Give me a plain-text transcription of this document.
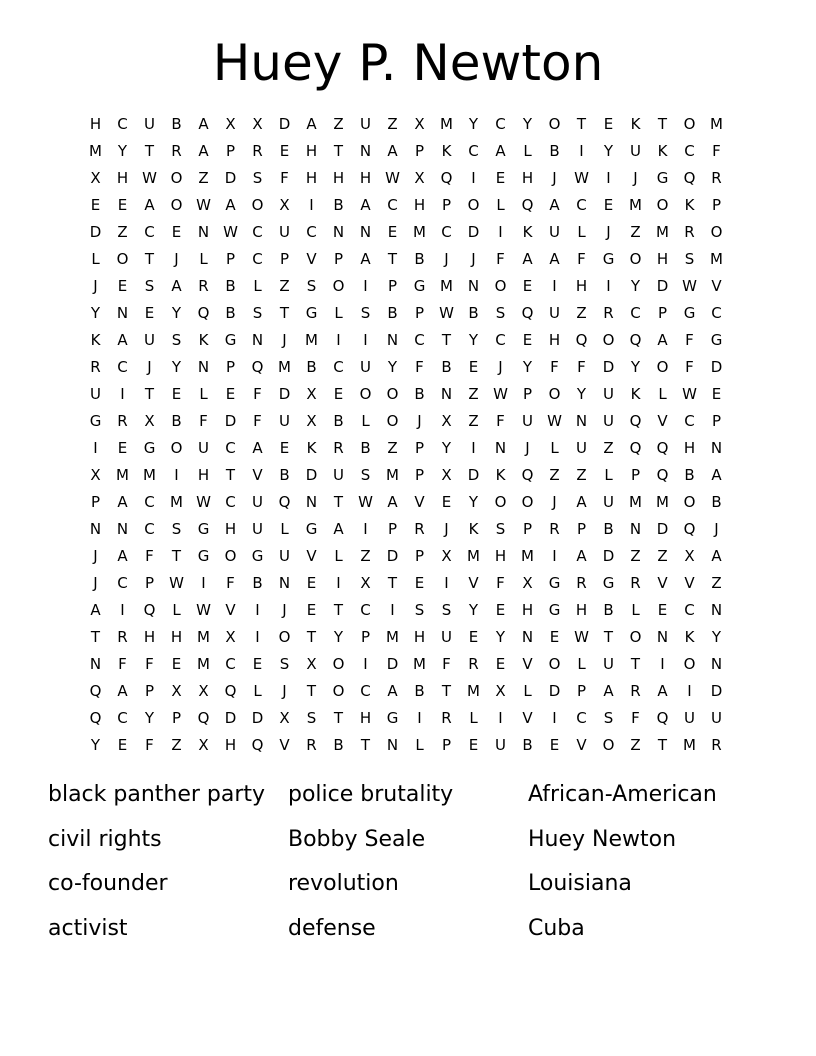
Huey P. Newton
H	C	U	B	A	X	X	D	A	Z	U	Z	X	M	Y	C	Y	O	T	E	K	T	O M
M	Y	T	R	A	P	R	E	H	T	N	A	P	K	C	A	L	B	I	Y	U	K	C	F
X	H W O	Z	D	S	F	H	H	H W X	Q	I	E	H	J	W	I	J	G	Q	R
E	E	A	O W A	O	X	I	B	A	C	H	P	O	L	Q	A	C	E	M O	K	P
D	Z	C	E	N W C	U	C	N	N	E	M	C	D	I	K	U	L	J	Z	M	R	O
L	O	T	J	L	P	C	P	V	P	A	T	B	J	J	F	A	A	F	G	O	H	S	M
J	E	S	A	R	B	L	Z	S	O	I	P	G M N	O	E	I	H	I	Y	D W V
Y	N	E	Y	Q	B	S	T	G	L	S	B	P	W B	S	Q	U	Z	R	C	P	G	C
K	A	U	S	K	G	N	J	M	I	I	N	C	T	Y	C	E	H	Q	O	Q	A	F	G
R	C	J	Y	N	P	Q M	B	C	U	Y	F	B	E	J	Y	F	F	D	Y	O	F	D
U	I	T	E	L	E	F	D	X	E	O	O	B	N	Z W	P	O	Y	U	K	L	W E
G	R	X	B	F	D	F	U	X	B	L	O	J	X	Z	F	U W N	U	Q	V	C	P
I	E	G	O	U	C	A	E	K	R	B	Z	P	Y	I	N	J	L	U	Z	Q	Q	H	N
X	M M	I	H	T	V	B	D	U	S	M	P	X	D	K	Q	Z	Z	L	P	Q	B	A
P	A	C	M W C	U	Q	N	T	W A	V	E	Y	O	O	J	A	U	M M O	B
N	N	C	S	G	H	U	L	G	A	I	P	R	J	K	S	P	R	P	B	N	D	Q	J
J	A	F	T	G	O	G	U	V	L	Z	D	P	X	M H M	I	A	D	Z	Z	X	A
J	C	P	W	I	F	B	N	E	I	X	T	E	I	V	F	X	G	R	G	R	V	V	Z
A	I	Q	L	W V	I	J	E	T	C	I	S	S	Y	E	H	G	H	B	L	E	C	N
T	R	H	H M	X	I	O	T	Y	P	M H	U	E	Y	N	E W T	O	N	K	Y
N	F	F	E	M	C	E	S	X	O	I	D M	F	R	E	V	O	L	U	T	I	O	N
Q	A	P	X	X	Q	L	J	T	O	C	A	B	T	M	X	L	D	P	A	R	A	I	D
Q	C	Y	P	Q	D	D	X	S	T	H	G	I	R	L	I	V	I	C	S	F	Q	U	U
Y	E	F	Z	X	H	Q	V	R	B	T	N	L	P	E	U	B	E	V	O	Z	T	M	R
black panther party	police brutality	African-American
civil rights	Bobby Seale	Huey Newton
co-founder	revolution	Louisiana
activist	defense	Cuba
